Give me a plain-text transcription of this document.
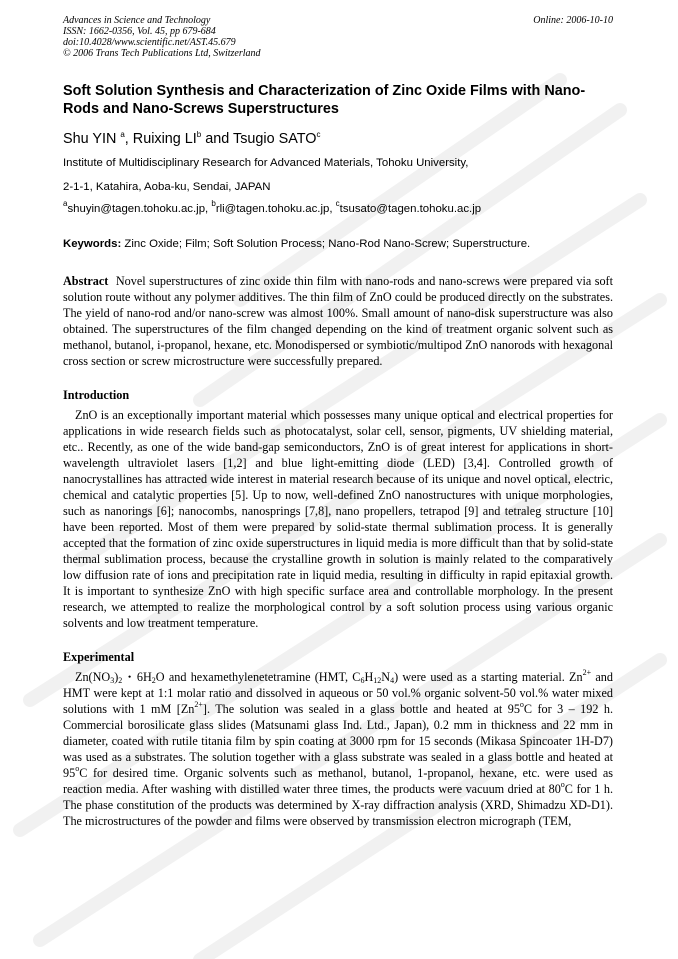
Advances in Science and Technology
ISSN: 1662-0356, Vol. 45, pp 679-684
doi:10.4028/www.scientific.net/AST.45.679
© 2006 Trans Tech Publications Ltd, Switzerland
Online: 2006-10-10
Soft Solution Synthesis and Characterization of Zinc Oxide Films with Nano-Rods and Nano-Screws Superstructures
Shu YIN $^a$, Ruixing $LI^b$ and Tsugio SATO$^c$
Institute of Multidisciplinary Research for Advanced Materials, Tohoku University,
2-1-1, Katahira, Aoba-ku, Sendai, JAPAN
$^a$shuyin@tagen.tohoku.ac.jp, $^b$rli@tagen.tohoku.ac.jp, $^c$tsusato@tagen.tohoku.ac.jp
Keywords: Zinc Oxide; Film; Soft Solution Process; Nano-Rod Nano-Screw; Superstructure.
Abstract Novel superstructures of zinc oxide thin film with nano-rods and nano-screws were prepared via soft solution route without any polymer additives. The thin film of ZnO could be produced directly on the substrates. The yield of nano-rod and/or nano-screw was almost 100%. Small amount of nano-disk superstructure was also obtained. The superstructures of the film changed depending on the kind of treatment organic solvent such as methanol, butanol, i-propanol, hexane, etc. Monodispersed or symbiotic/multipod ZnO nanorods with hexagonal cross section or screw microstructure were successfully prepared.
Introduction
ZnO is an exceptionally important material which possesses many unique optical and electrical properties for applications in wide research fields such as photocatalyst, solar cell, sensor, pigments, UV shielding material, etc.. Recently, as one of the wide band-gap semiconductors, ZnO is of great interest for applications in short-wavelength ultraviolet lasers [1,2] and blue light-emitting diode (LED) [3,4]. Controlled growth of nanocrystallines has attracted wide interest in material research because of its unique and novel optical, electric, chemical and catalytic properties [5]. Up to now, well-defined ZnO nanostructures with unique morphologies, such as nanorings [6]; nanocombs, nanosprings [7,8], nano propellers, tetrapod [9] and tetraleg structure [10] have been reported. Most of them were prepared by solid-state thermal sublimation process. It is generally accepted that the formation of zinc oxide superstructures in liquid media is more difficult than that by solid-state thermal sublimation process, because the crystalline growth in solution is mainly related to the comparatively low diffusion rate of ions and precipitation rate in liquid media, resulting in difficulty in rapid epitaxial growth. It is important to synthesize ZnO with high specific surface area and controllable morphology. In the present research, we attempted to realize the morphological control by a soft solution process using various organic solvents and low treatment temperature.
Experimental
$Zn(NO_3)_2$・$6H_2O$ and hexamethylenetetramine (HMT, $C_6H_{12}N_4$) were used as a starting material. $Zn^{2+}$ and HMT were kept at 1:1 molar ratio and dissolved in aqueous or 50 vol.% organic solvent-50 vol.% water mixed solutions with 1 mM $[Zn^{2+}]$. The solution was sealed in a glass bottle and heated at 95$^o$C for 3 – 192 h. Commercial borosilicate glass slides (Matsunami glass Ind. Ltd., Japan), 0.2 mm in thickness and 22 mm in diameter, coated with rutile titania film by spin coating at 3000 rpm for 15 seconds (Mikasa Spincoater 1H-D7) was used as a substrates. The solution together with a glass substrate was sealed in a glass bottle and heated at 95$^o$C for desired time. Organic solvents such as methanol, butanol, 1-propanol, hexane, etc. were used as reaction media. After washing with distilled water three times, the products were vacuum dried at 80$^o$C for 1 h. The phase constitution of the products was determined by X-ray diffraction analysis (XRD, Shimadzu XD-D1). The microstructures of the powder and films were observed by transmission electron micrograph (TEM,
